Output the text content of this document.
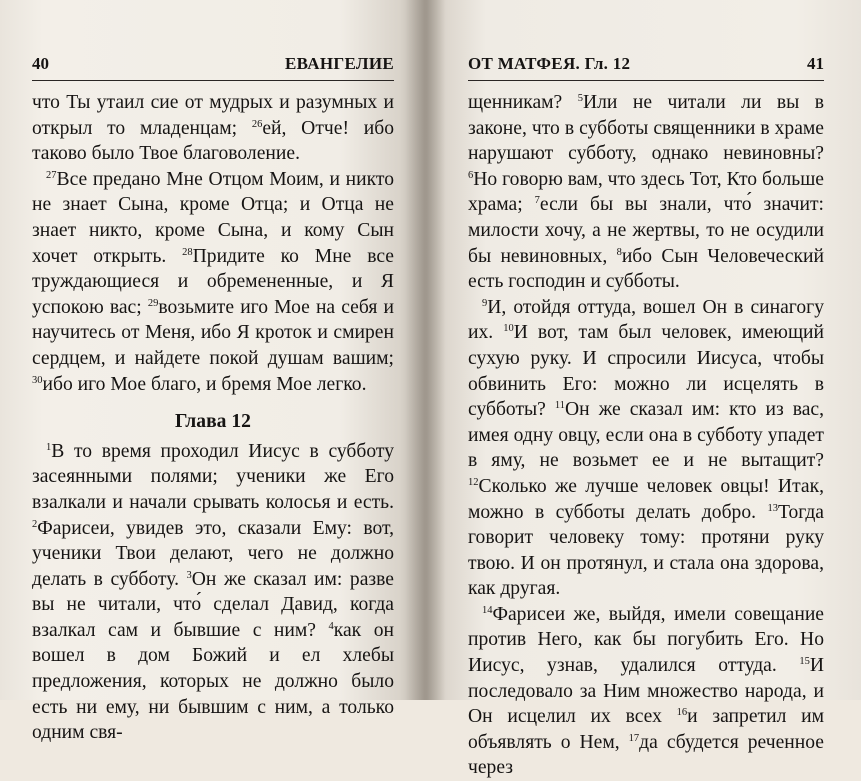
40	ЕВАНГЕЛИЕ

что Ты утаил сие от мудрых и разумных и открыл то младенцам; $^{26}$ей, Отче! ибо таково было Твое благоволение.

$^{27}$Все предано Мне Отцом Моим, и никто не знает Сына, кроме Отца; и Отца не знает никто, кроме Сына, и кому Сын хочет открыть. $^{28}$Придите ко Мне все труждающиеся и обремененные, и Я успокою вас; $^{29}$возьмите иго Мое на себя и научитесь от Меня, ибо Я кроток и смирен сердцем, и найдете покой душам вашим; $^{30}$ибо иго Мое благо, и бремя Мое легко.

Глава 12

$^1$В то время проходил Иисус в субботу засеянными полями; ученики же Его взалкали и начали срывать колосья и есть. $^2$Фарисеи, увидев это, сказали Ему: вот, ученики Твои делают, чего не должно делать в субботу. $^3$Он же сказал им: разве вы не читали, что́ сделал Давид, когда взалкал сам и бывшие с ним? $^4$как он вошел в дом Божий и ел хлебы предложения, которых не должно было есть ни ему, ни бывшим с ним, а только одним свя-

ОТ МАТФЕЯ. Гл. 12	41

щенникам? $^5$Или не читали ли вы в законе, что в субботы священники в храме нарушают субботу, однако невиновны? $^6$Но говорю вам, что здесь Тот, Кто больше храма; $^7$если бы вы знали, что́ значит: милости хочу, а не жертвы, то не осудили бы невиновных, $^8$ибо Сын Человеческий есть господин и субботы.

$^9$И, отойдя оттуда, вошел Он в синагогу их. $^{10}$И вот, там был человек, имеющий сухую руку. И спросили Иисуса, чтобы обвинить Его: можно ли исцелять в субботы? $^{11}$Он же сказал им: кто из вас, имея одну овцу, если она в субботу упадет в яму, не возьмет ее и не вытащит? $^{12}$Сколько же лучше человек овцы! Итак, можно в субботы делать добро. $^{13}$Тогда говорит человеку тому: протяни руку твою. И он протянул, и стала она здорова, как другая.

$^{14}$Фарисеи же, выйдя, имели совещание против Него, как бы погубить Его. Но Иисус, узнав, удалился оттуда. $^{15}$И последовало за Ним множество народа, и Он исцелил их всех $^{16}$и запретил им объявлять о Нем, $^{17}$да сбудется реченное через
